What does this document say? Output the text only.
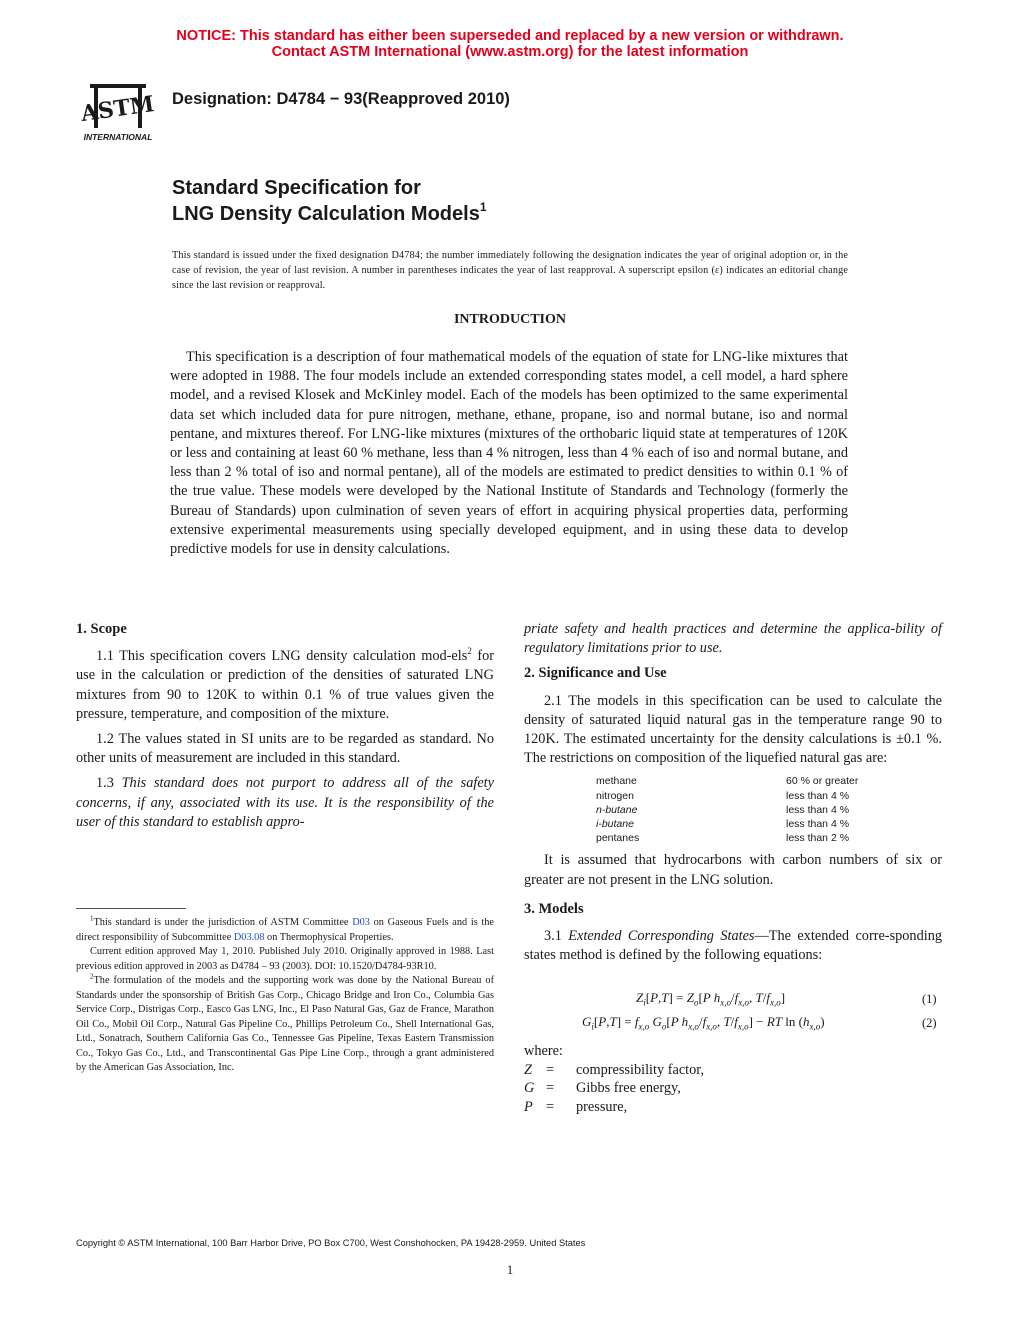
NOTICE: This standard has either been superseded and replaced by a new version or withdrawn.
Contact ASTM International (www.astm.org) for the latest information
ASTM
INTERNATIONAL
Designation: D4784 − 93(Reapproved 2010)
Standard Specification for
LNG Density Calculation Models$^1$
This standard is issued under the fixed designation D4784; the number immediately following the designation indicates the year of original adoption or, in the case of revision, the year of last revision. A number in parentheses indicates the year of last reapproval. A superscript epsilon (ε) indicates an editorial change since the last revision or reapproval.
INTRODUCTION

This specification is a description of four mathematical models of the equation of state for LNG-like mixtures that were adopted in 1988. The four models include an extended corresponding states model, a cell model, a hard sphere model, and a revised Klosek and McKinley model. Each of the models has been optimized to the same experimental data set which included data for pure nitrogen, methane, ethane, propane, iso and normal butane, iso and normal pentane, and mixtures thereof. For LNG-like mixtures (mixtures of the orthobaric liquid state at temperatures of 120K or less and containing at least 60 % methane, less than 4 % nitrogen, less than 4 % each of iso and normal butane, and less than 2 % total of iso and normal pentane), all of the models are estimated to predict densities to within 0.1 % of the true value. These models were developed by the National Institute of Standards and Technology (formerly the Bureau of Standards) upon culmination of seven years of effort in acquiring physical properties data, performing extensive experimental measurements using specially developed equipment, and in using these data to develop predictive models for use in density calculations.

1. Scope

1.1 This specification covers LNG density calculation mod-els$^2$ for use in the calculation or prediction of the densities of saturated LNG mixtures from 90 to 120K to within 0.1 % of true values given the pressure, temperature, and composition of the mixture.

1.2 The values stated in SI units are to be regarded as standard. No other units of measurement are included in this standard.

1.3 This standard does not purport to address all of the safety concerns, if any, associated with its use. It is the responsibility of the user of this standard to establish appro-

$^1$This standard is under the jurisdiction of ASTM Committee D03 on Gaseous Fuels and is the direct responsibility of Subcommittee D03.08 on Thermophysical Properties.

Current edition approved May 1, 2010. Published July 2010. Originally approved in 1988. Last previous edition approved in 2003 as D4784 – 93 (2003). DOI: 10.1520/D4784-93R10.

$^2$The formulation of the models and the supporting work was done by the National Bureau of Standards under the sponsorship of British Gas Corp., Chicago Bridge and Iron Co., Columbia Gas Service Corp., Distrigas Corp., Easco Gas LNG, Inc., El Paso Natural Gas, Gaz de France, Marathon Oil Co., Mobil Oil Corp., Natural Gas Pipeline Co., Phillips Petroleum Co., Shell International Gas, Ltd., Sonatrach, Southern California Gas Co., Tennessee Gas Pipeline, Texas Eastern Transmission Co., Tokyo Gas Co., Ltd., and Transcontinental Gas Pipe Line Corp., through a grant administered by the American Gas Association, Inc.

priate safety and health practices and determine the applica-bility of regulatory limitations prior to use.

2. Significance and Use

2.1 The models in this specification can be used to calculate the density of saturated liquid natural gas in the temperature range 90 to 120K. The estimated uncertainty for the density calculations is ±0.1 %. The restrictions on composition of the liquefied natural gas are:

methane	60 % or greater
nitrogen	less than 4 %
n-butane	less than 4 %
i-butane	less than 4 %
pentanes	less than 2 %

It is assumed that hydrocarbons with carbon numbers of six or greater are not present in the LNG solution.

3. Models

3.1 Extended Corresponding States—The extended corre-sponding states method is defined by the following equations:

$Z_i[P,T] = Z_o[P$ $h_{x,o}/f_{x,o}$, $T/f_{x,o}$]	(1)
$G_i[P,T] = f_{x,o}$ $G_o[P$ $h_{x,o}/f_{x,o}$, $T/f_{x,o}$] − RT $\ln (h_{x,o})$	(2)
where:
Z =	compressibility factor,
G =	Gibbs free energy,
P =	pressure,
Copyright © ASTM International, 100 Barr Harbor Drive, PO Box C700, West Conshohocken, PA 19428-2959. United States
1
